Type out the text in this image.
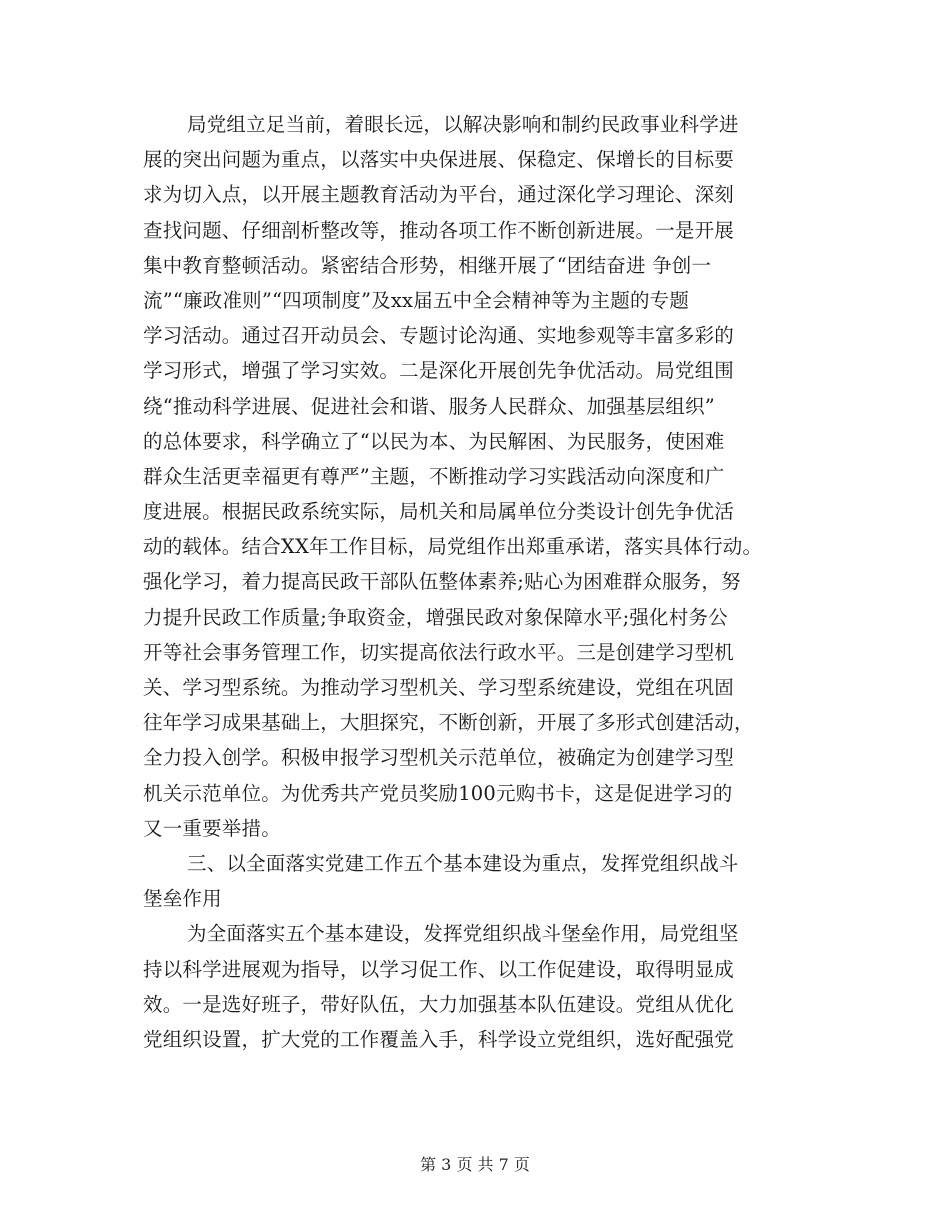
局党组立足当前，着眼长远，以解决影响和制约民政事业科学进
展的突出问题为重点，以落实中央保进展、保稳定、保增长的目标要
求为切入点，以开展主题教育活动为平台，通过深化学习理论、深刻
查找问题、仔细剖析整改等，推动各项工作不断创新进展。一是开展
集中教育整顿活动。紧密结合形势，相继开展了“团结奋进 争创一
流”“廉政准则”“四项制度”及xx届五中全会精神等为主题的专题
学习活动。通过召开动员会、专题讨论沟通、实地参观等丰富多彩的
学习形式，增强了学习实效。二是深化开展创先争优活动。局党组围
绕“推动科学进展、促进社会和谐、服务人民群众、加强基层组织”
的总体要求，科学确立了“以民为本、为民解困、为民服务，使困难
群众生活更幸福更有尊严”主题，不断推动学习实践活动向深度和广
度进展。根据民政系统实际，局机关和局属单位分类设计创先争优活
动的载体。结合XX年工作目标，局党组作出郑重承诺，落实具体行动。
强化学习，着力提高民政干部队伍整体素养;贴心为困难群众服务，努
力提升民政工作质量;争取资金，增强民政对象保障水平;强化村务公
开等社会事务管理工作，切实提高依法行政水平。三是创建学习型机
关、学习型系统。为推动学习型机关、学习型系统建设，党组在巩固
往年学习成果基础上，大胆探究，不断创新，开展了多形式创建活动，
全力投入创学。积极申报学习型机关示范单位，被确定为创建学习型
机关示范单位。为优秀共产党员奖励100元购书卡，这是促进学习的
又一重要举措。
三、以全面落实党建工作五个基本建设为重点，发挥党组织战斗
堡垒作用
为全面落实五个基本建设，发挥党组织战斗堡垒作用，局党组坚
持以科学进展观为指导，以学习促工作、以工作促建设，取得明显成
效。一是选好班子，带好队伍，大力加强基本队伍建设。党组从优化
党组织设置，扩大党的工作覆盖入手，科学设立党组织，选好配强党
第 3 页 共 7 页
